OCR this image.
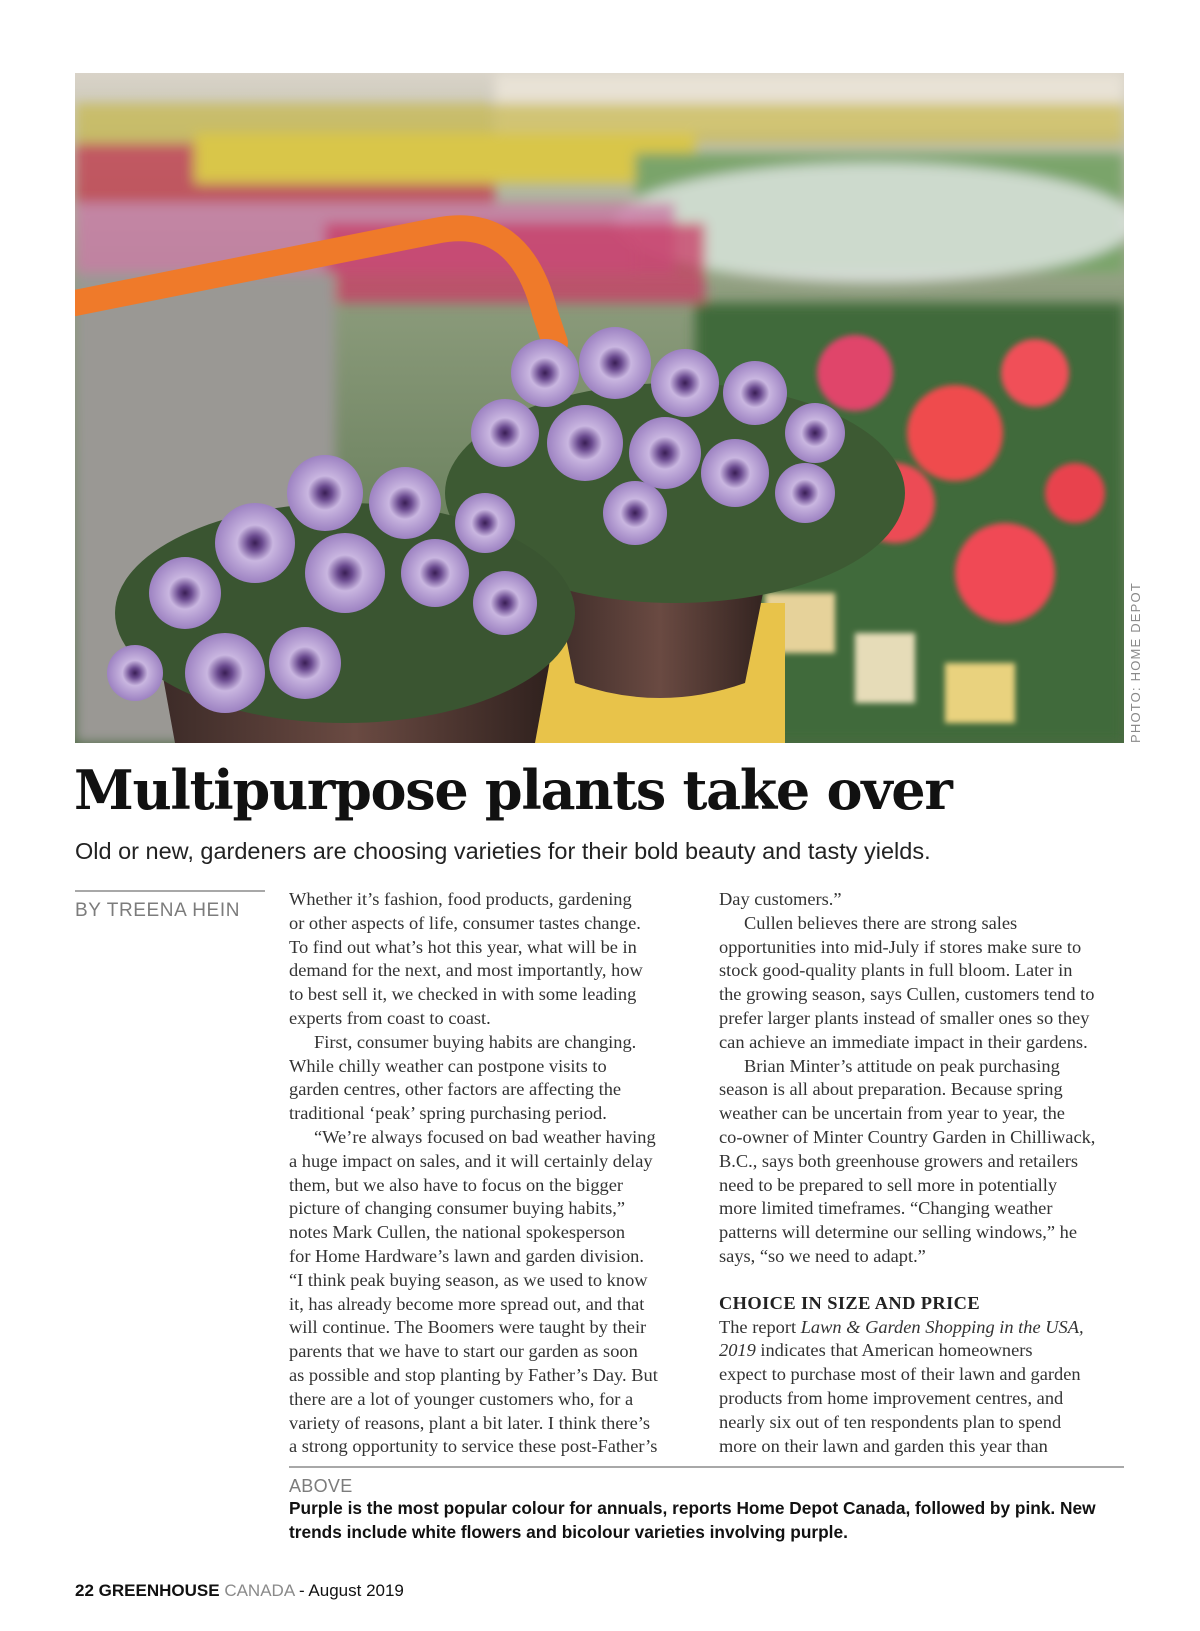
PHOTO: HOME DEPOT
Multipurpose plants take over

Old or new, gardeners are choosing varieties for their bold beauty and tasty yields.

BY TREENA HEIN
Whether it’s fashion, food products, gardening
or other aspects of life, consumer tastes change.
To find out what’s hot this year, what will be in
demand for the next, and most importantly, how
to best sell it, we checked in with some leading
experts from coast to coast.
First, consumer buying habits are changing.
While chilly weather can postpone visits to
garden centres, other factors are affecting the
traditional ‘peak’ spring purchasing period.
“We’re always focused on bad weather having
a huge impact on sales, and it will certainly delay
them, but we also have to focus on the bigger
picture of changing consumer buying habits,”
notes Mark Cullen, the national spokesperson
for Home Hardware’s lawn and garden division.
“I think peak buying season, as we used to know
it, has already become more spread out, and that
will continue. The Boomers were taught by their
parents that we have to start our garden as soon
as possible and stop planting by Father’s Day. But
there are a lot of younger customers who, for a
variety of reasons, plant a bit later. I think there’s
a strong opportunity to service these post-Father’s
Day customers.”
Cullen believes there are strong sales
opportunities into mid-July if stores make sure to
stock good-quality plants in full bloom. Later in
the growing season, says Cullen, customers tend to
prefer larger plants instead of smaller ones so they
can achieve an immediate impact in their gardens.
Brian Minter’s attitude on peak purchasing
season is all about preparation. Because spring
weather can be uncertain from year to year, the
co-owner of Minter Country Garden in Chilliwack,
B.C., says both greenhouse growers and retailers
need to be prepared to sell more in potentially
more limited timeframes. “Changing weather
patterns will determine our selling windows,” he
says, “so we need to adapt.”
CHOICE IN SIZE AND PRICE
The report Lawn & Garden Shopping in the USA,
2019 indicates that American homeowners
expect to purchase most of their lawn and garden
products from home improvement centres, and
nearly six out of ten respondents plan to spend
more on their lawn and garden this year than
ABOVE
Purple is the most popular colour for annuals, reports Home Depot Canada, followed by pink. New
trends include white flowers and bicolour varieties involving purple.
22 GREENHOUSE CANADA - August 2019
